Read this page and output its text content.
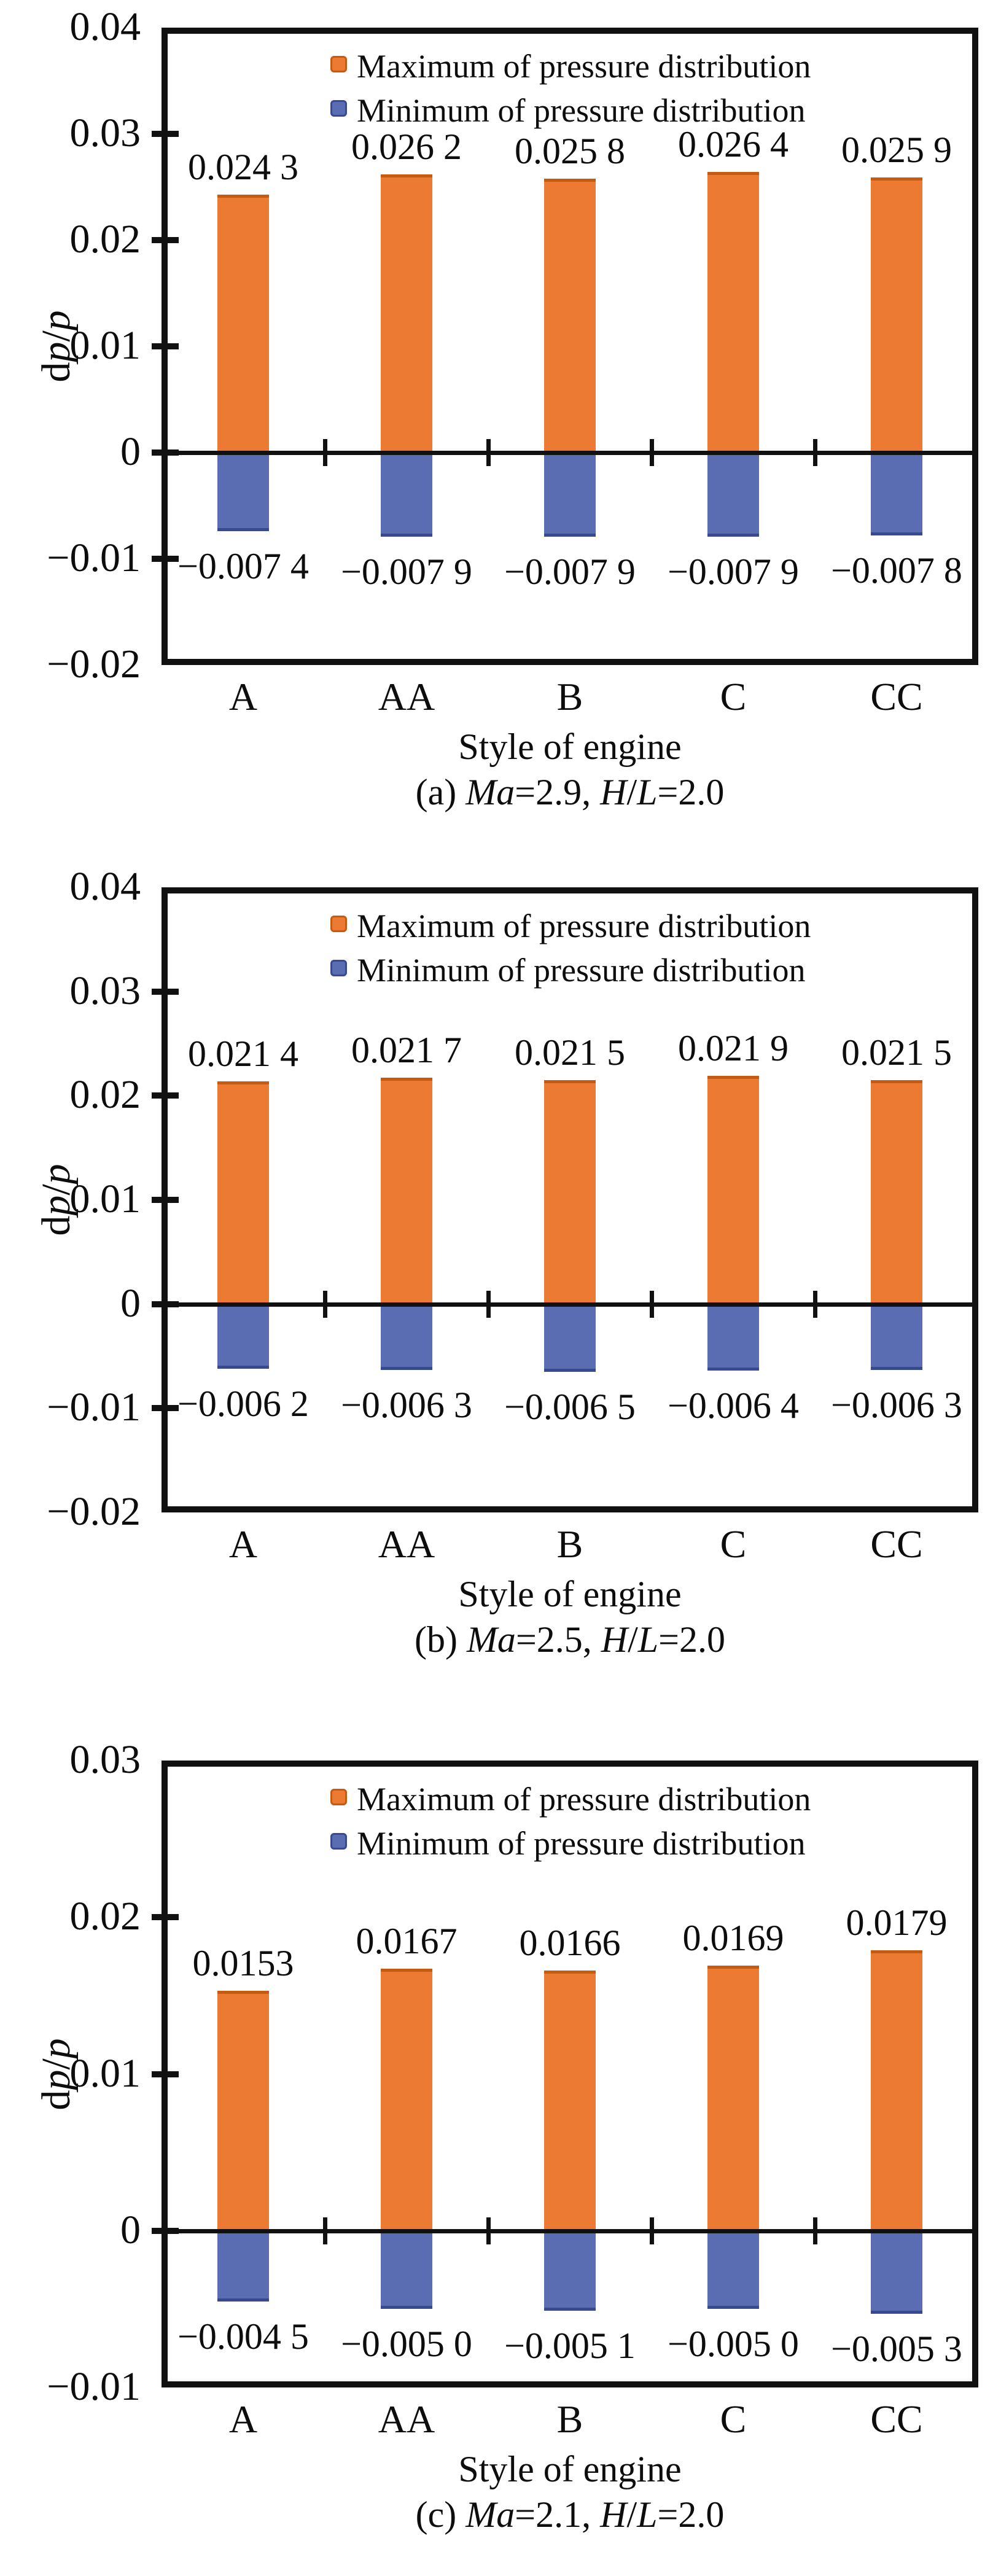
0.04
0.03
0.02
0.01
0
−0.01
−0.02
dp/p
0.024 3
−0.007 4
A
0.026 2
−0.007 9
AA
0.025 8
−0.007 9
B
0.026 4
−0.007 9
C
0.025 9
−0.007 8
CC
Maximum of pressure distribution
Minimum of pressure distribution
Style of engine
(a) Ma=2.9, H/L=2.0
0.04
0.03
0.02
0.01
0
−0.01
−0.02
dp/p
0.021 4
−0.006 2
A
0.021 7
−0.006 3
AA
0.021 5
−0.006 5
B
0.021 9
−0.006 4
C
0.021 5
−0.006 3
CC
Maximum of pressure distribution
Minimum of pressure distribution
Style of engine
(b) Ma=2.5, H/L=2.0
0.03
0.02
0.01
0
−0.01
dp/p
0.0153
−0.004 5
A
0.0167
−0.005 0
AA
0.0166
−0.005 1
B
0.0169
−0.005 0
C
0.0179
−0.005 3
CC
Maximum of pressure distribution
Minimum of pressure distribution
Style of engine
(c) Ma=2.1, H/L=2.0
